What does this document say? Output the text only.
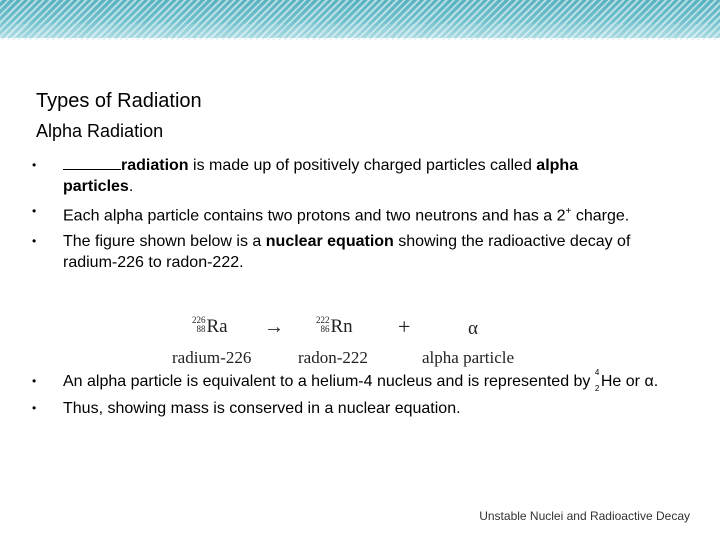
Types of Radiation
Alpha Radiation
•	radiation is made up of positively charged particles called alpha particles.
• Each alpha particle contains two protons and two neutrons and has a 2+ charge.
• The figure shown below is a nuclear equation showing the radioactive decay of radium-226 to radon-222.
226
88 Ra →	222
86 Rn +	α
radium-226	radon-222	alpha particle
• An alpha particle is equivalent to a helium-4 nucleus and is represented by
4
2 He or α.
• Thus, showing mass is conserved in a nuclear equation.
Unstable Nuclei and Radioactive Decay
